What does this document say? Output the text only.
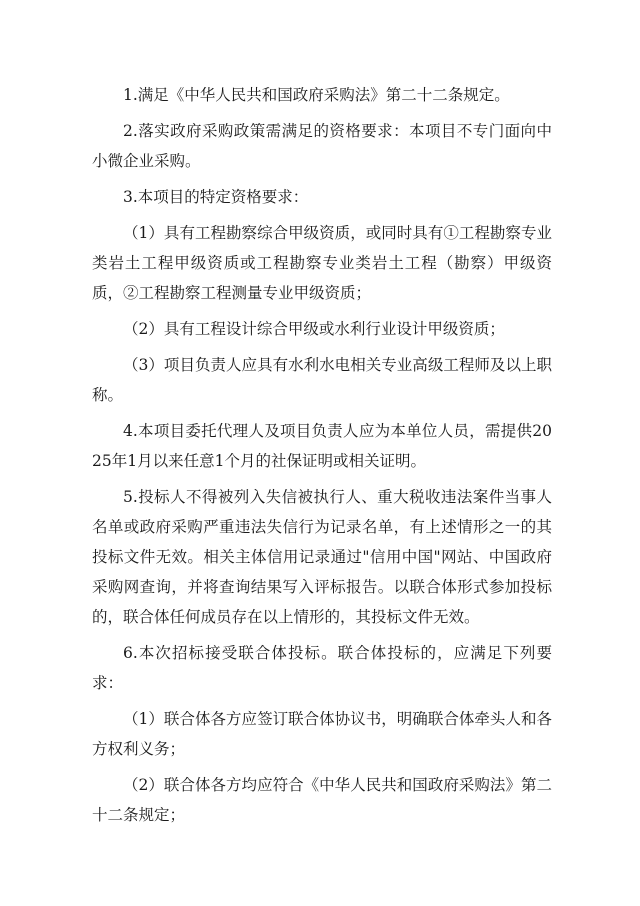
1.满足《中华人民共和国政府采购法》第二十二条规定。

2.落实政府采购政策需满足的资格要求：本项目不专门面向中小微企业采购。

3.本项目的特定资格要求：

（1）具有工程勘察综合甲级资质，或同时具有①工程勘察专业类岩土工程甲级资质或工程勘察专业类岩土工程（勘察）甲级资质，②工程勘察工程测量专业甲级资质；

（2）具有工程设计综合甲级或水利行业设计甲级资质；

（3）项目负责人应具有水利水电相关专业高级工程师及以上职称。

4.本项目委托代理人及项目负责人应为本单位人员，需提供2025年1月以来任意1个月的社保证明或相关证明。

5.投标人不得被列入失信被执行人、重大税收违法案件当事人名单或政府采购严重违法失信行为记录名单，有上述情形之一的其投标文件无效。相关主体信用记录通过"信用中国"网站、中国政府采购网查询，并将查询结果写入评标报告。以联合体形式参加投标的，联合体任何成员存在以上情形的，其投标文件无效。

6.本次招标接受联合体投标。联合体投标的，应满足下列要求：

（1）联合体各方应签订联合体协议书，明确联合体牵头人和各方权利义务；

（2）联合体各方均应符合《中华人民共和国政府采购法》第二十二条规定；
